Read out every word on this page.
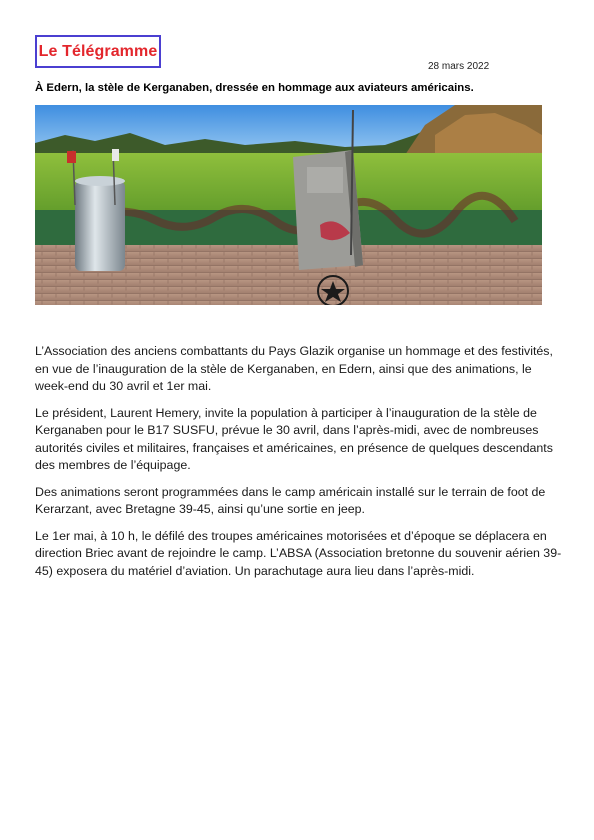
Le Télégramme
28 mars 2022
À Edern, la stèle de Kerganaben, dressée en hommage aux aviateurs américains.

L’Association des anciens combattants du Pays Glazik organise un hommage et des festivités, en vue de l’inauguration de la stèle de Kerganaben, en Edern, ainsi que des animations, le week-end du 30 avril et 1er mai.

Le président, Laurent Hemery, invite la population à participer à l’inauguration de la stèle de Kerganaben pour le B17 SUSFU, prévue le 30 avril, dans l’après-midi, avec de nombreuses autorités civiles et militaires, françaises et américaines, en présence de quelques descendants des membres de l’équipage.

Des animations seront programmées dans le camp américain installé sur le terrain de foot de Kerarzant, avec Bretagne 39-45, ainsi qu’une sortie en jeep.

Le 1er mai, à 10 h, le défilé des troupes américaines motorisées et d’époque se déplacera en direction Briec avant de rejoindre le camp. L’ABSA (Association bretonne du souvenir aérien 39-45) exposera du matériel d’aviation. Un parachutage aura lieu dans l’après-midi.
